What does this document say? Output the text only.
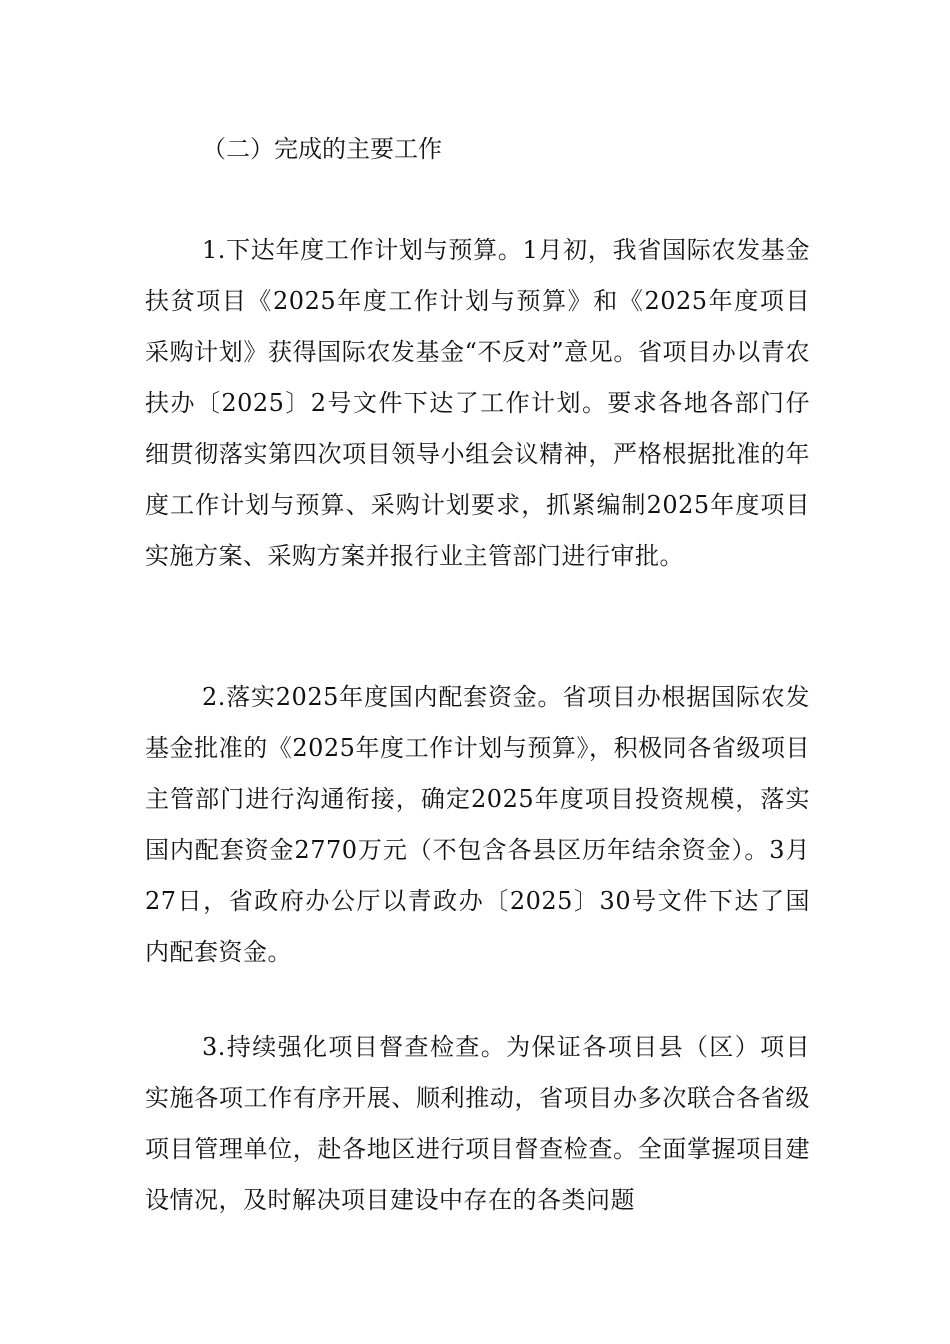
（二）完成的主要工作

1.下达年度工作计划与预算。1月初，我省国际农发基金扶贫项目《2025年度工作计划与预算》和《2025年度项目采购计划》获得国际农发基金“不反对”意见。省项目办以青农扶办〔2025〕2号文件下达了工作计划。要求各地各部门仔细贯彻落实第四次项目领导小组会议精神，严格根据批准的年度工作计划与预算、采购计划要求，抓紧编制2025年度项目实施方案、采购方案并报行业主管部门进行审批。

2.落实2025年度国内配套资金。省项目办根据国际农发基金批准的《2025年度工作计划与预算》，积极同各省级项目主管部门进行沟通衔接，确定2025年度项目投资规模，落实国内配套资金2770万元（不包含各县区历年结余资金）。3月27日，省政府办公厅以青政办〔2025〕30号文件下达了国内配套资金。

3.持续强化项目督查检查。为保证各项目县（区）项目实施各项工作有序开展、顺利推动，省项目办多次联合各省级项目管理单位，赴各地区进行项目督查检查。全面掌握项目建设情况，及时解决项目建设中存在的各类问题
